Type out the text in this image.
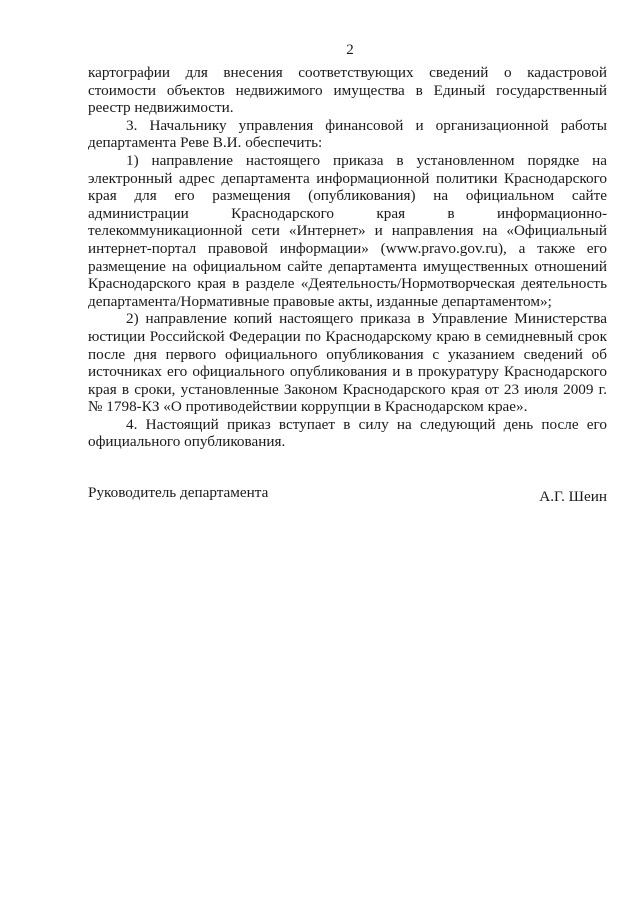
2

картографии для внесения соответствующих сведений о кадастровой стоимости объектов недвижимого имущества в Единый государственный реестр недвижимости.

3. Начальнику управления финансовой и организационной работы департамента Реве В.И. обеспечить:

1) направление настоящего приказа в установленном порядке на электронный адрес департамента информационной политики Краснодарского края для его размещения (опубликования) на официальном сайте администрации Краснодарского края в информационно-телекоммуникационной сети «Интернет» и направления на «Официальный интернет-портал правовой информации» (www.pravo.gov.ru), а также его размещение на официальном сайте департамента имущественных отношений Краснодарского края в разделе «Деятельность/Нормотворческая деятельность департамента/Нормативные правовые акты, изданные департаментом»;

2) направление копий настоящего приказа в Управление Министерства юстиции Российской Федерации по Краснодарскому краю в семидневный срок после дня первого официального опубликования с указанием сведений об источниках его официального опубликования и в прокуратуру Краснодарского края в сроки, установленные Законом Краснодарского края от 23 июля 2009 г. № 1798-КЗ «О противодействии коррупции в Краснодарском крае».

4. Настоящий приказ вступает в силу на следующий день после его официального опубликования.

Руководитель департамента	А.Г. Шеин
